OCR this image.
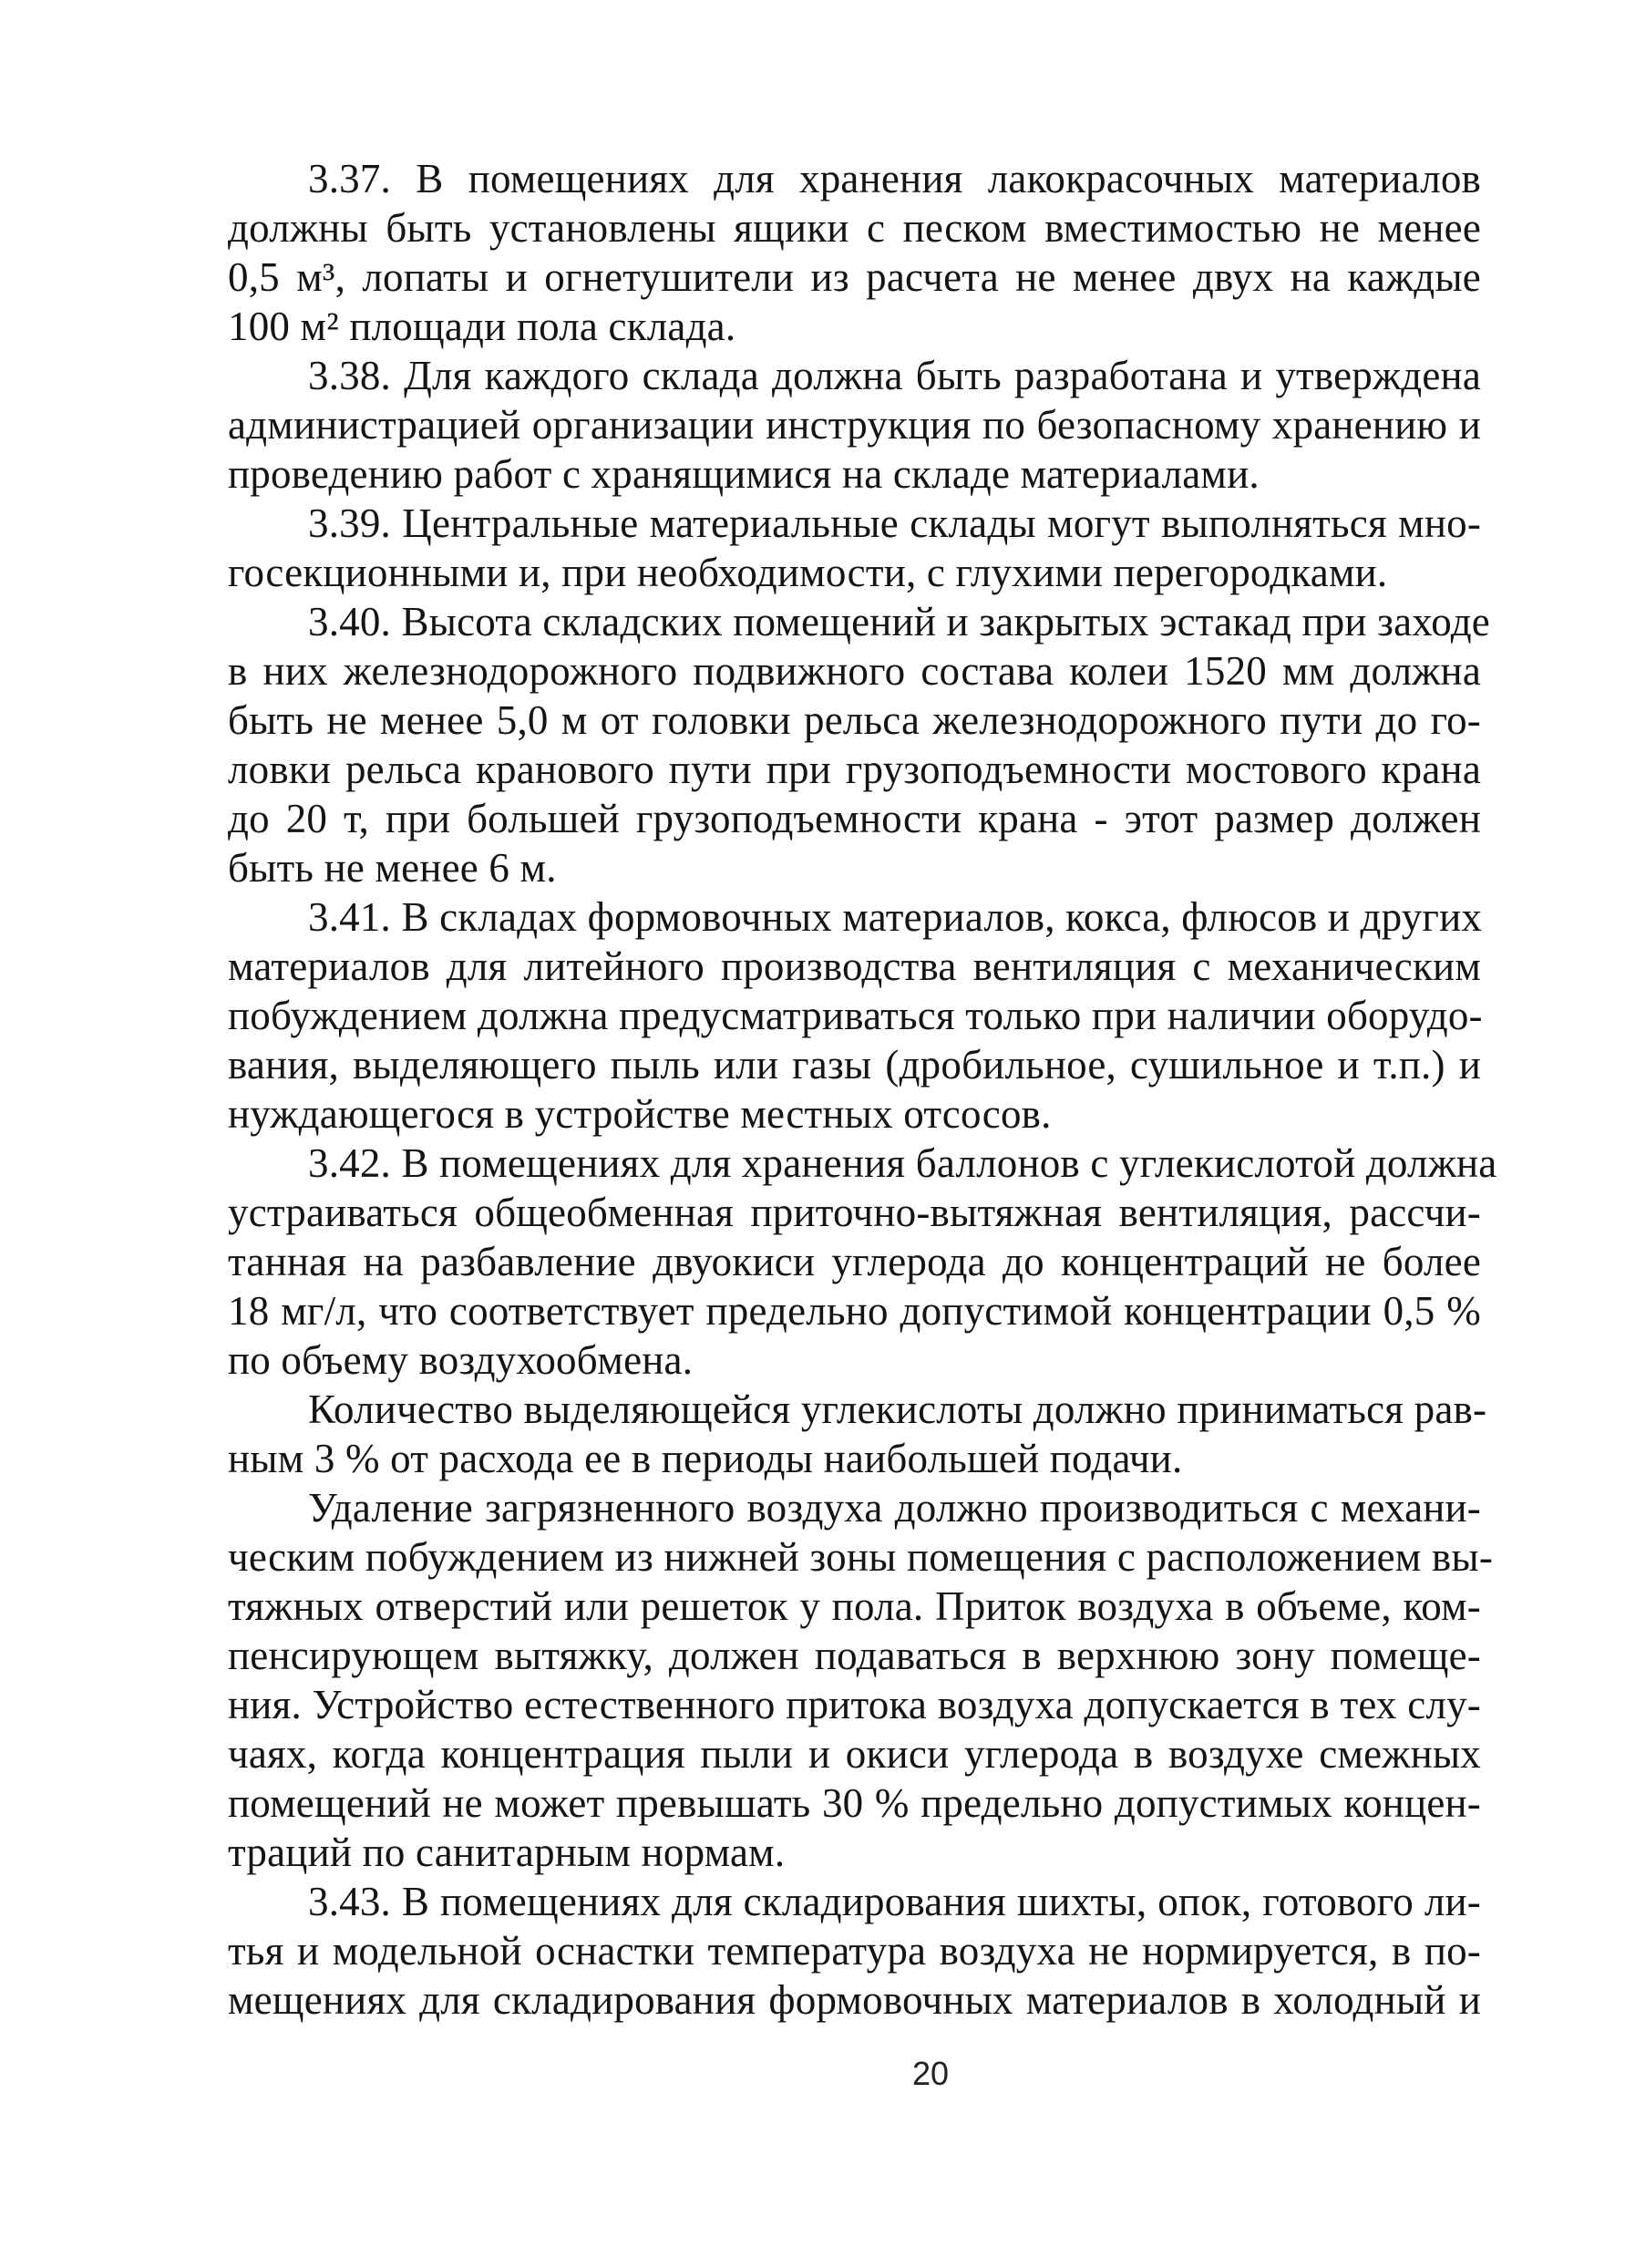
3.37. В помещениях для хранения лакокрасочных материалов
должны быть установлены ящики с песком вместимостью не менее
0,5 м³, лопаты и огнетушители из расчета не менее двух на каждые
100 м² площади пола склада.
3.38. Для каждого склада должна быть разработана и утверждена
администрацией организации инструкция по безопасному хранению и
проведению работ с хранящимися на складе материалами.
3.39. Центральные материальные склады могут выполняться мно-
госекционными и, при необходимости, с глухими перегородками.
3.40. Высота складских помещений и закрытых эстакад при заходе
в них железнодорожного подвижного состава колеи 1520 мм должна
быть не менее 5,0 м от головки рельса железнодорожного пути до го-
ловки рельса кранового пути при грузоподъемности мостового крана
до 20 т, при большей грузоподъемности крана - этот размер должен
быть не менее 6 м.
3.41. В складах формовочных материалов, кокса, флюсов и других
материалов для литейного производства вентиляция с механическим
побуждением должна предусматриваться только при наличии оборудо-
вания, выделяющего пыль или газы (дробильное, сушильное и т.п.) и
нуждающегося в устройстве местных отсосов.
3.42. В помещениях для хранения баллонов с углекислотой должна
устраиваться общеобменная приточно-вытяжная вентиляция, рассчи-
танная на разбавление двуокиси углерода до концентраций не более
18 мг/л, что соответствует предельно допустимой концентрации 0,5 %
по объему воздухообмена.
Количество выделяющейся углекислоты должно приниматься рав-
ным 3 % от расхода ее в периоды наибольшей подачи.
Удаление загрязненного воздуха должно производиться с механи-
ческим побуждением из нижней зоны помещения с расположением вы-
тяжных отверстий или решеток у пола. Приток воздуха в объеме, ком-
пенсирующем вытяжку, должен подаваться в верхнюю зону помеще-
ния. Устройство естественного притока воздуха допускается в тех слу-
чаях, когда концентрация пыли и окиси углерода в воздухе смежных
помещений не может превышать 30 % предельно допустимых концен-
траций по санитарным нормам.
3.43. В помещениях для складирования шихты, опок, готового ли-
тья и модельной оснастки температура воздуха не нормируется, в по-
мещениях для складирования формовочных материалов в холодный и
20
